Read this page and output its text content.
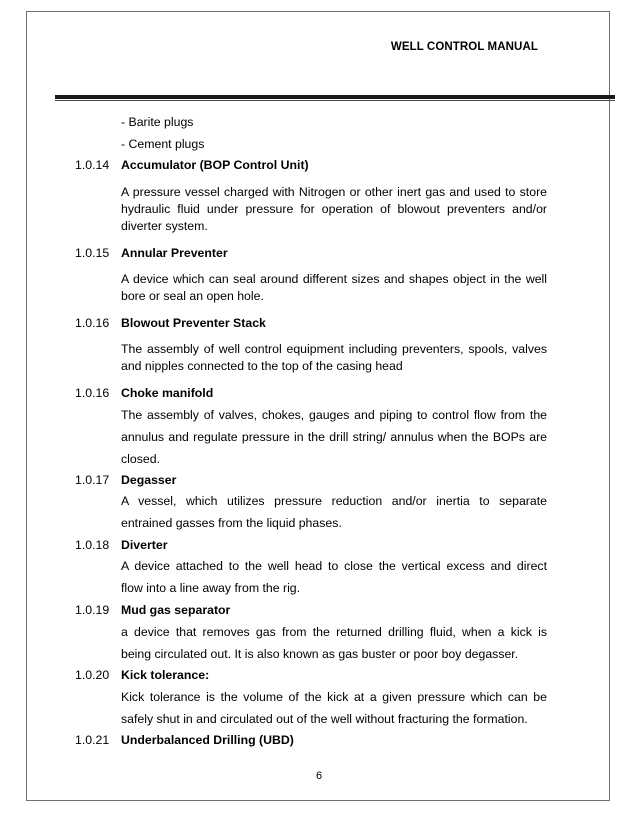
WELL CONTROL MANUAL
- Barite plugs
- Cement plugs
1.0.14 Accumulator (BOP Control Unit)
A pressure vessel charged with Nitrogen or other inert gas and used to store
hydraulic fluid under pressure for operation of blowout preventers and/or
diverter system.
1.0.15 Annular Preventer
A device which can seal around different sizes and shapes object in the well
bore or seal an open hole.
1.0.16 Blowout Preventer Stack
The assembly of well control equipment including preventers, spools, valves
and nipples connected to the top of the casing head
1.0.16 Choke manifold
The assembly of valves, chokes, gauges and piping to control flow from the
annulus and regulate pressure in the drill string/ annulus when the BOPs are
closed.
1.0.17 Degasser
A vessel, which utilizes pressure reduction and/or inertia to separate
entrained gasses from the liquid phases.
1.0.18 Diverter
A device attached to the well head to close the vertical excess and direct
flow into a line away from the rig.
1.0.19 Mud gas separator
a device that removes gas from the returned drilling fluid, when a kick is
being circulated out. It is also known as gas buster or poor boy degasser.
1.0.20 Kick tolerance:
Kick tolerance is the volume of the kick at a given pressure which can be
safely shut in and circulated out of the well without fracturing the formation.
1.0.21 Underbalanced Drilling (UBD)
6
